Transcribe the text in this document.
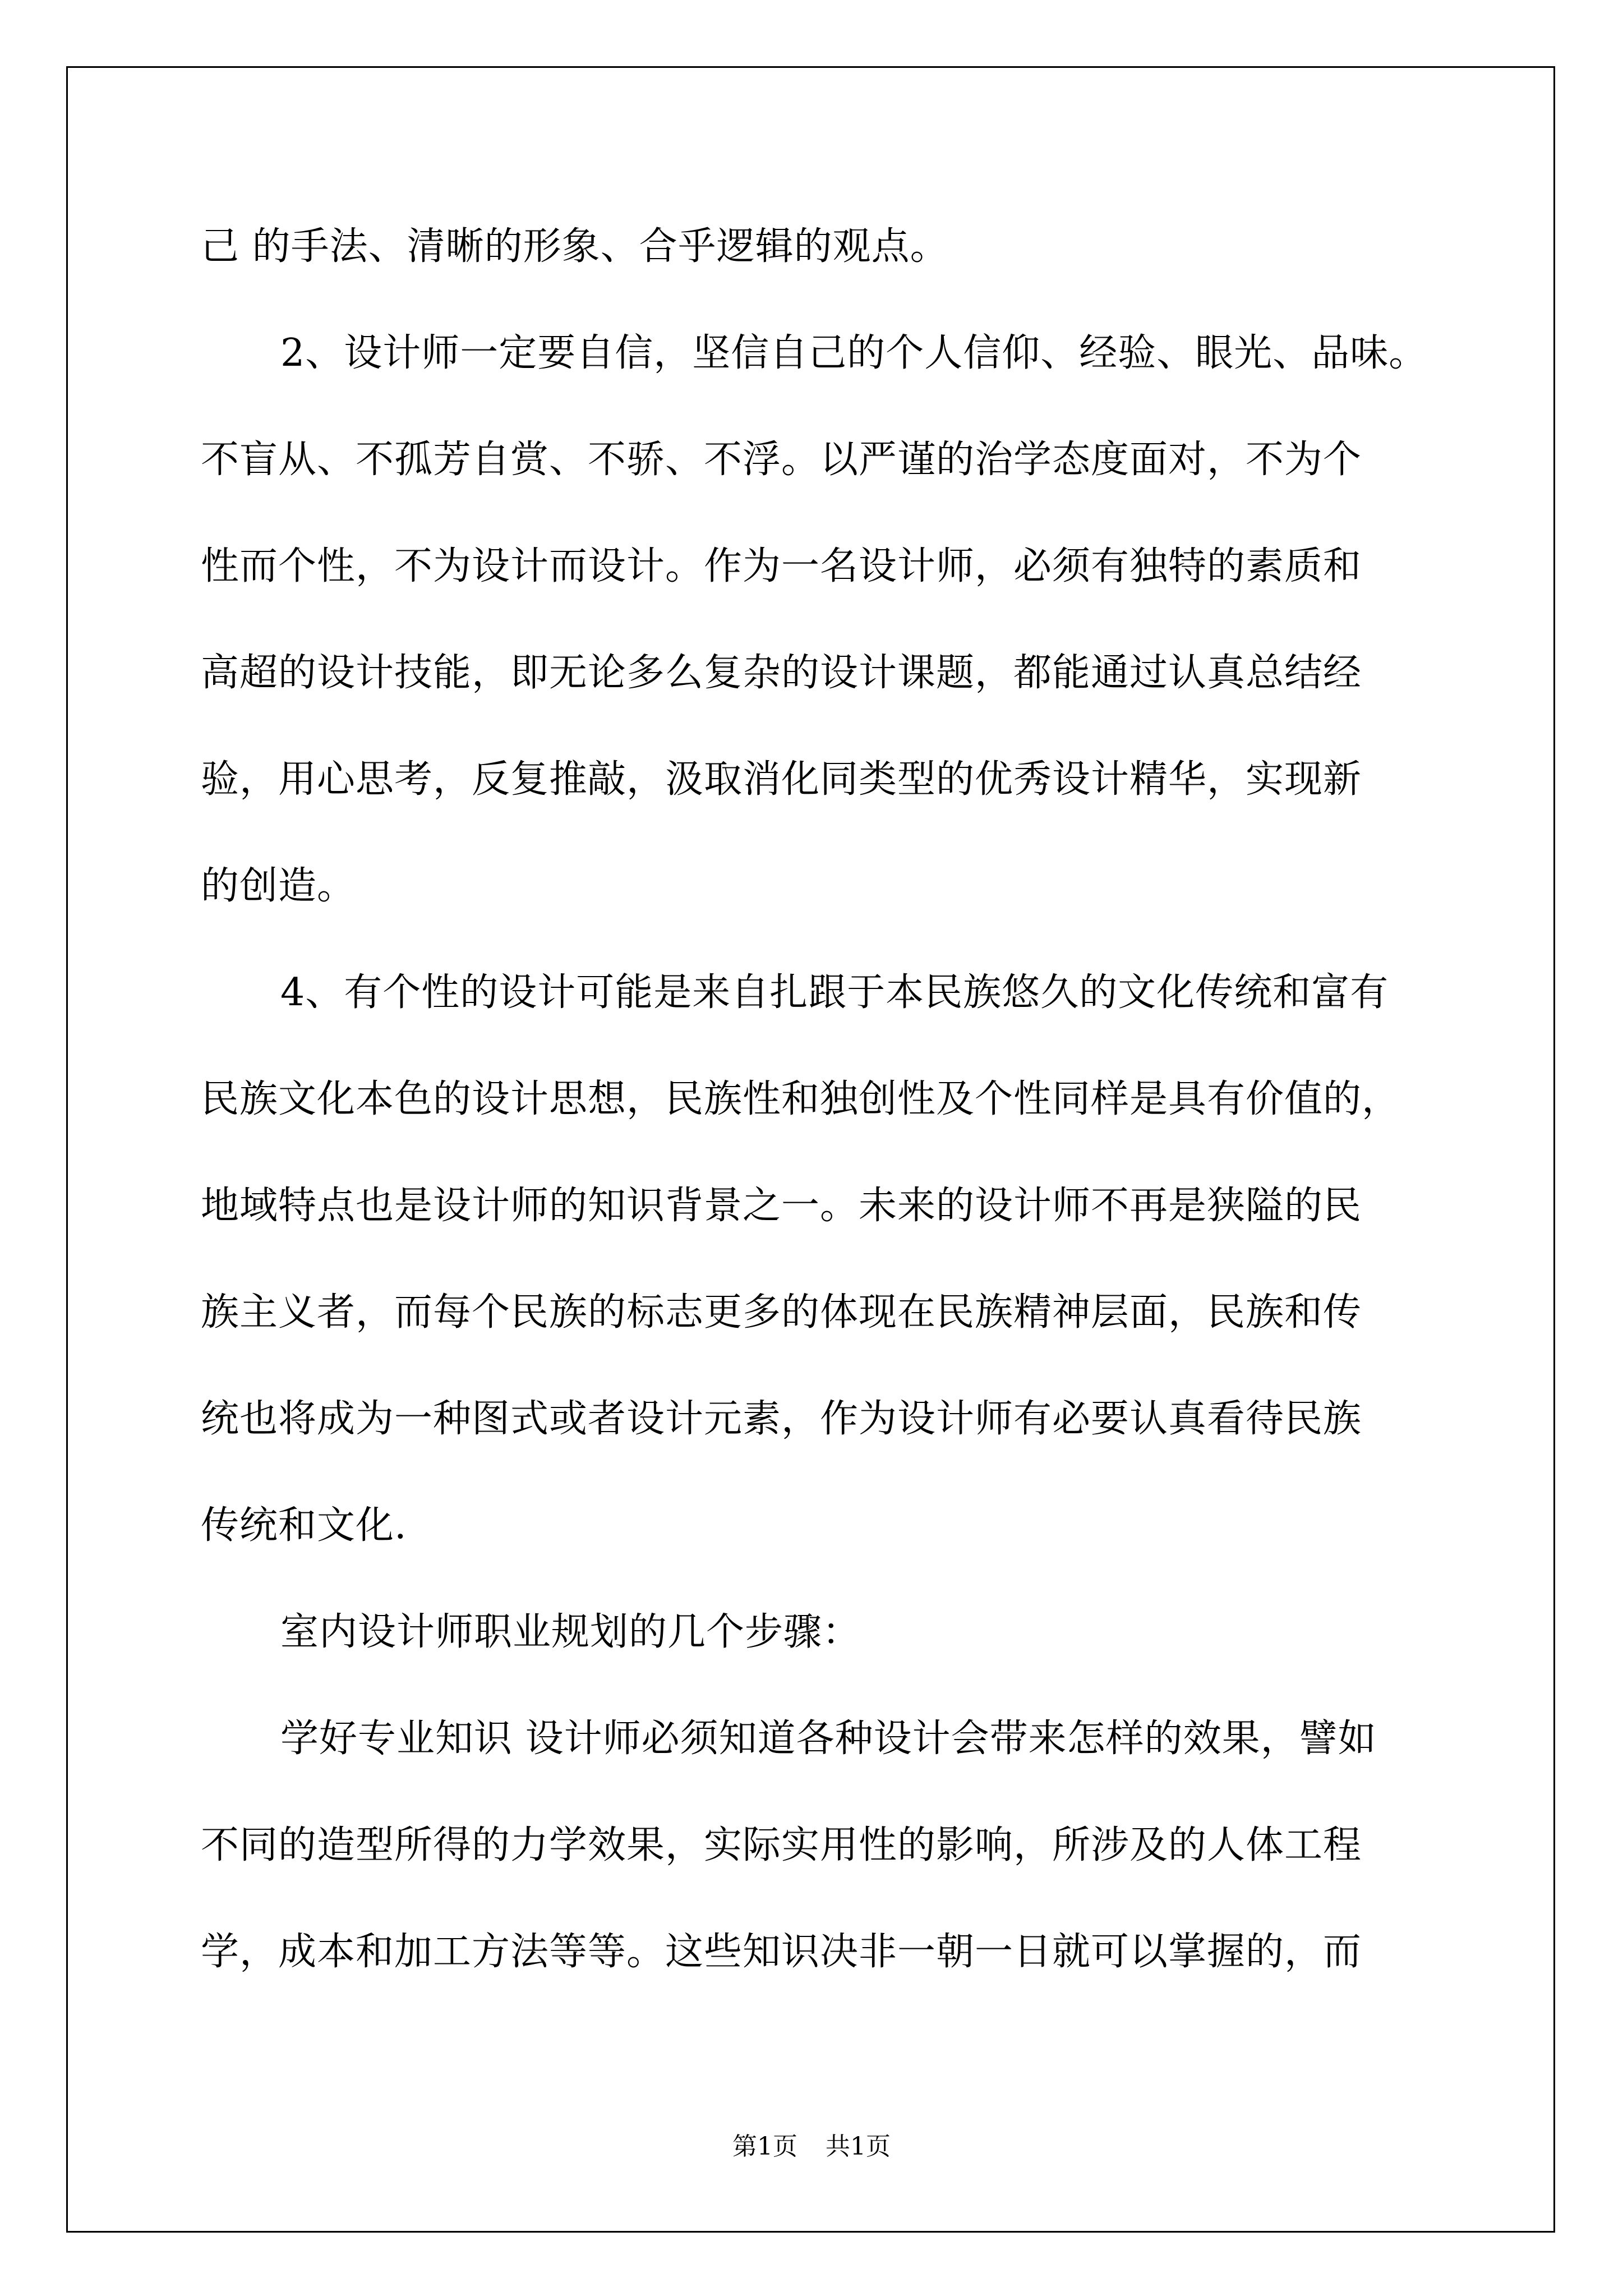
己 的手法、清晰的形象、合乎逻辑的观点。
2、设计师一定要自信，坚信自己的个人信仰、经验、眼光、品味。
不盲从、不孤芳自赏、不骄、不浮。以严谨的治学态度面对，不为个
性而个性，不为设计而设计。作为一名设计师，必须有独特的素质和
高超的设计技能，即无论多么复杂的设计课题，都能通过认真总结经
验，用心思考，反复推敲，汲取消化同类型的优秀设计精华，实现新
的创造。
4、有个性的设计可能是来自扎跟于本民族悠久的文化传统和富有
民族文化本色的设计思想，民族性和独创性及个性同样是具有价值的，
地域特点也是设计师的知识背景之一。未来的设计师不再是狭隘的民
族主义者，而每个民族的标志更多的体现在民族精神层面，民族和传
统也将成为一种图式或者设计元素，作为设计师有必要认真看待民族
传统和文化.
室内设计师职业规划的几个步骤：
学好专业知识 设计师必须知道各种设计会带来怎样的效果，譬如
不同的造型所得的力学效果，实际实用性的影响，所涉及的人体工程
学，成本和加工方法等等。这些知识决非一朝一日就可以掌握的，而
第1页 共1页
